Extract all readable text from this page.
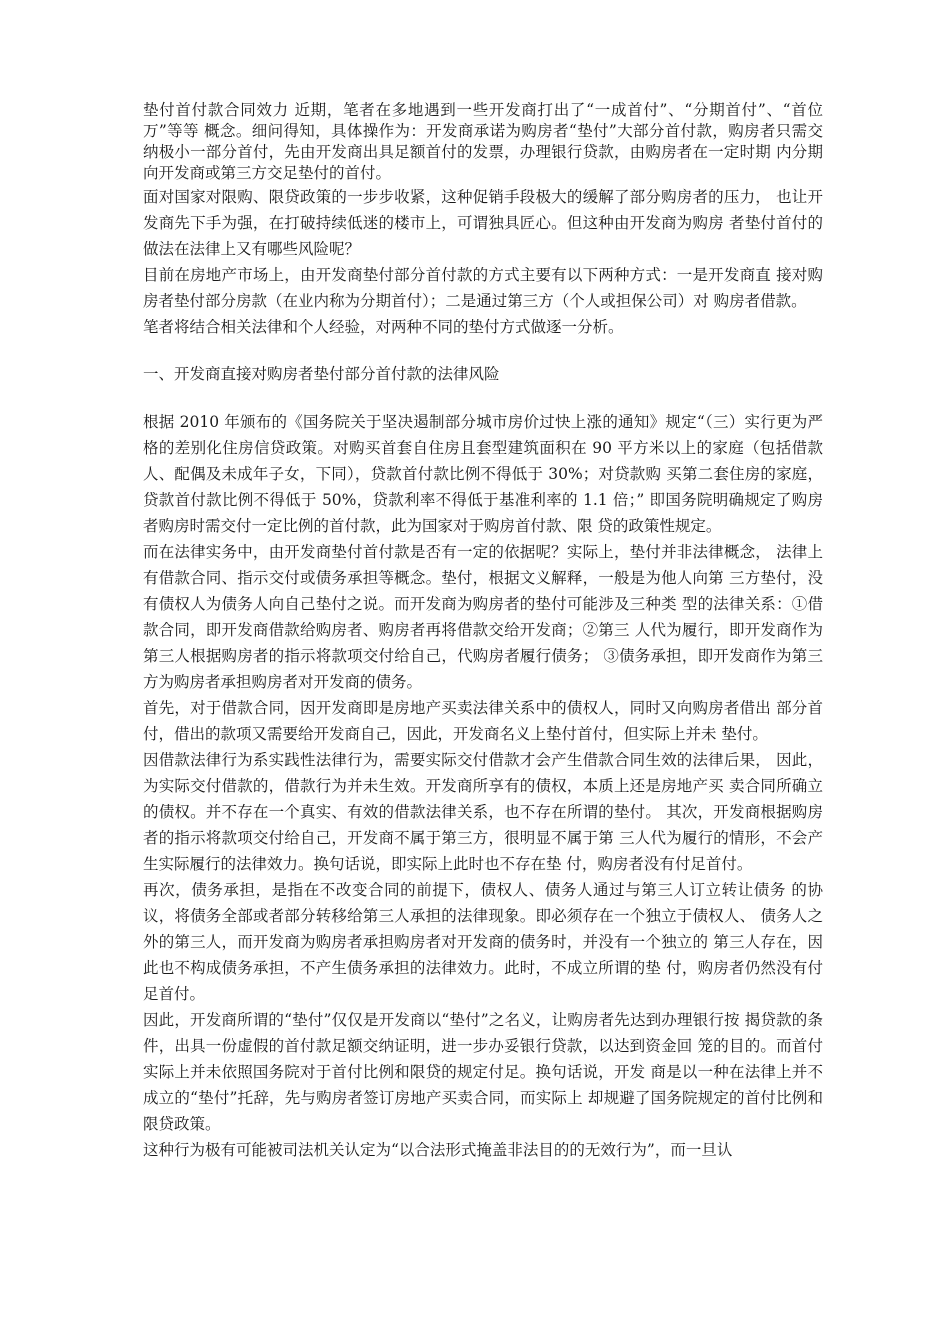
垫付首付款合同效力 近期，笔者在多地遇到一些开发商打出了“一成首付”、“分期首付”、“首位万”等等 概念。细问得知，具体操作为：开发商承诺为购房者“垫付”大部分首付款，购房者只需交 纳极小一部分首付，先由开发商出具足额首付的发票，办理银行贷款，由购房者在一定时期 内分期向开发商或第三方交足垫付的首付。

面对国家对限购、限贷政策的一步步收紧，这种促销手段极大的缓解了部分购房者的压力， 也让开发商先下手为强，在打破持续低迷的楼市上，可谓独具匠心。但这种由开发商为购房 者垫付首付的做法在法律上又有哪些风险呢？

目前在房地产市场上，由开发商垫付部分首付款的方式主要有以下两种方式：一是开发商直 接对购房者垫付部分房款（在业内称为分期首付）；二是通过第三方（个人或担保公司）对 购房者借款。

笔者将结合相关法律和个人经验，对两种不同的垫付方式做逐一分析。

一、开发商直接对购房者垫付部分首付款的法律风险

根据 2010 年颁布的《国务院关于坚决遏制部分城市房价过快上涨的通知》规定“（三）实行更为严格的差别化住房信贷政策。对购买首套自住房且套型建筑面积在 90 平方米以上的家庭（包括借款人、配偶及未成年子女，下同），贷款首付款比例不得低于 30%；对贷款购 买第二套住房的家庭，贷款首付款比例不得低于 50%，贷款利率不得低于基准利率的 1.1 倍；” 即国务院明确规定了购房者购房时需交付一定比例的首付款，此为国家对于购房首付款、限 贷的政策性规定。

而在法律实务中，由开发商垫付首付款是否有一定的依据呢？实际上，垫付并非法律概念， 法律上有借款合同、指示交付或债务承担等概念。垫付，根据文义解释，一般是为他人向第 三方垫付，没有债权人为债务人向自己垫付之说。而开发商为购房者的垫付可能涉及三种类 型的法律关系：①借款合同，即开发商借款给购房者、购房者再将借款交给开发商；②第三 人代为履行，即开发商作为第三人根据购房者的指示将款项交付给自己，代购房者履行债务； ③债务承担，即开发商作为第三方为购房者承担购房者对开发商的债务。

首先，对于借款合同，因开发商即是房地产买卖法律关系中的债权人，同时又向购房者借出 部分首付，借出的款项又需要给开发商自己，因此，开发商名义上垫付首付，但实际上并未 垫付。

因借款法律行为系实践性法律行为，需要实际交付借款才会产生借款合同生效的法律后果， 因此，为实际交付借款的，借款行为并未生效。开发商所享有的债权，本质上还是房地产买 卖合同所确立的债权。并不存在一个真实、有效的借款法律关系，也不存在所谓的垫付。 其次，开发商根据购房者的指示将款项交付给自己，开发商不属于第三方，很明显不属于第 三人代为履行的情形，不会产生实际履行的法律效力。换句话说，即实际上此时也不存在垫 付，购房者没有付足首付。

再次，债务承担，是指在不改变合同的前提下，债权人、债务人通过与第三人订立转让债务 的协议，将债务全部或者部分转移给第三人承担的法律现象。即必须存在一个独立于债权人、 债务人之外的第三人，而开发商为购房者承担购房者对开发商的债务时，并没有一个独立的 第三人存在，因此也不构成债务承担，不产生债务承担的法律效力。此时，不成立所谓的垫 付，购房者仍然没有付足首付。

因此，开发商所谓的“垫付”仅仅是开发商以“垫付”之名义，让购房者先达到办理银行按 揭贷款的条件，出具一份虚假的首付款足额交纳证明，进一步办妥银行贷款，以达到资金回 笼的目的。而首付实际上并未依照国务院对于首付比例和限贷的规定付足。换句话说，开发 商是以一种在法律上并不成立的“垫付”托辞，先与购房者签订房地产买卖合同，而实际上 却规避了国务院规定的首付比例和限贷政策。

这种行为极有可能被司法机关认定为“以合法形式掩盖非法目的的无效行为”，而一旦认
